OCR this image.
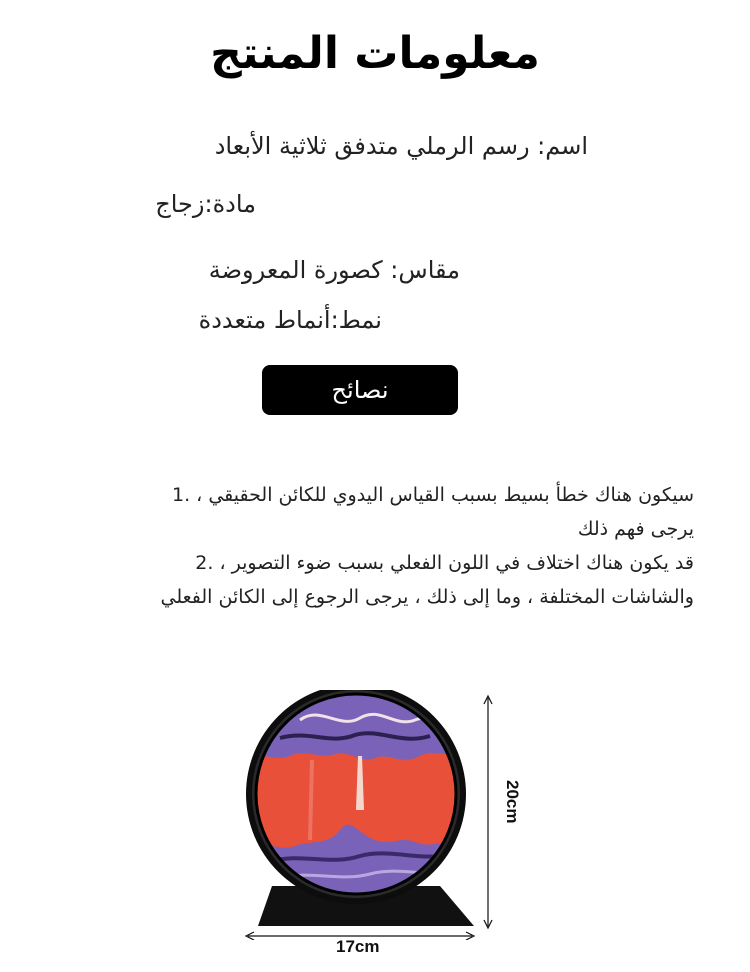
معلومات المنتج
اسم: رسم الرملي متدفق ثلاثية الأبعاد
مادة:زجاج
مقاس: كصورة المعروضة
نمط:أنماط متعددة
نصائح

سيكون هناك خطأ بسيط بسبب القياس اليدوي للكائن الحقيقي ، .1

يرجى فهم ذلك

قد يكون هناك اختلاف في اللون الفعلي بسبب ضوء التصوير ، .2

والشاشات المختلفة ، وما إلى ذلك ، يرجى الرجوع إلى الكائن الفعلي

17cm
20cm
